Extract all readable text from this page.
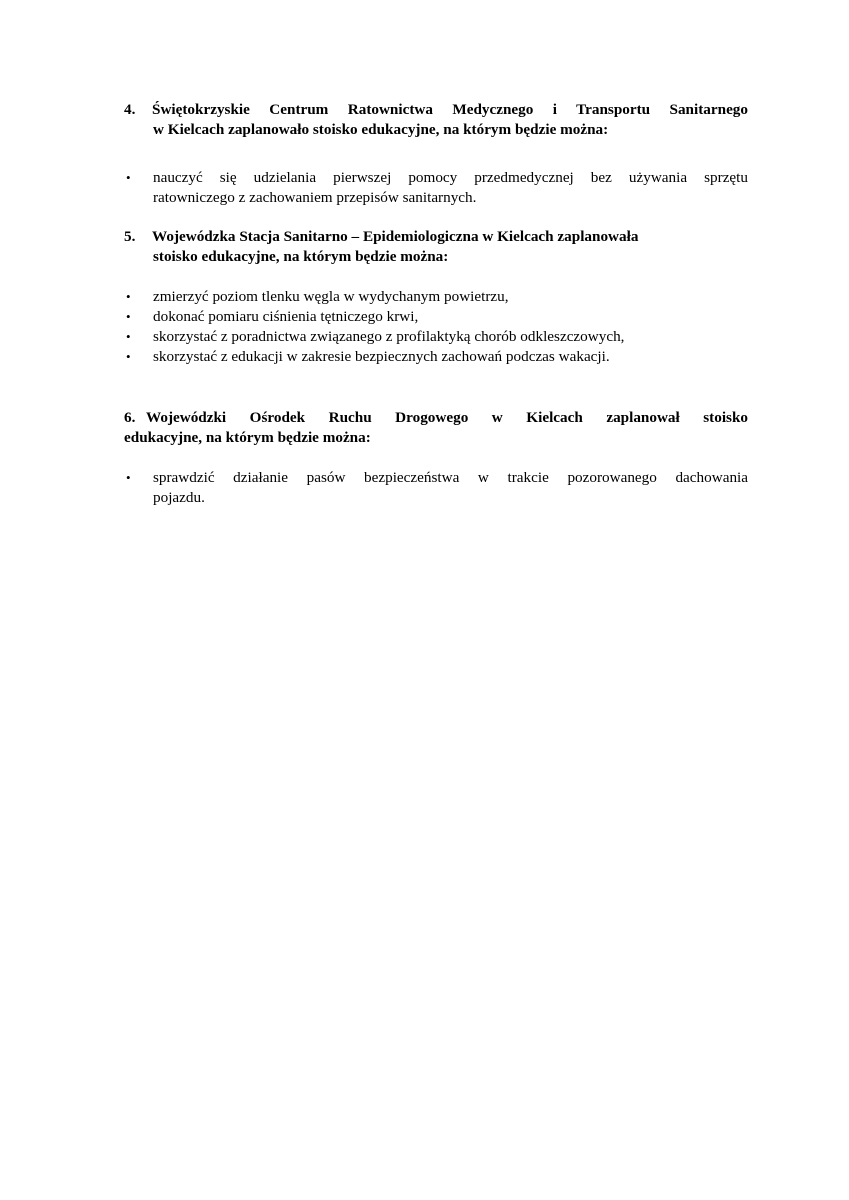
4. Świętokrzyskie Centrum Ratownictwa Medycznego i Transportu Sanitarnego
w Kielcach zaplanowało stoisko edukacyjne, na którym będzie można:

• nauczyć się udzielania pierwszej pomocy przedmedycznej bez używania sprzętu
ratowniczego z zachowaniem przepisów sanitarnych.

5. Wojewódzka Stacja Sanitarno – Epidemiologiczna w Kielcach zaplanowała
stoisko edukacyjne, na którym będzie można:

• zmierzyć poziom tlenku węgla w wydychanym powietrzu,
• dokonać pomiaru ciśnienia tętniczego krwi,
• skorzystać z poradnictwa związanego z profilaktyką chorób odkleszczowych,
• skorzystać z edukacji w zakresie bezpiecznych zachowań podczas wakacji.

6. Wojewódzki Ośrodek Ruchu Drogowego w Kielcach zaplanował stoisko
edukacyjne, na którym będzie można:

• sprawdzić działanie pasów bezpieczeństwa w trakcie pozorowanego dachowania
pojazdu.
